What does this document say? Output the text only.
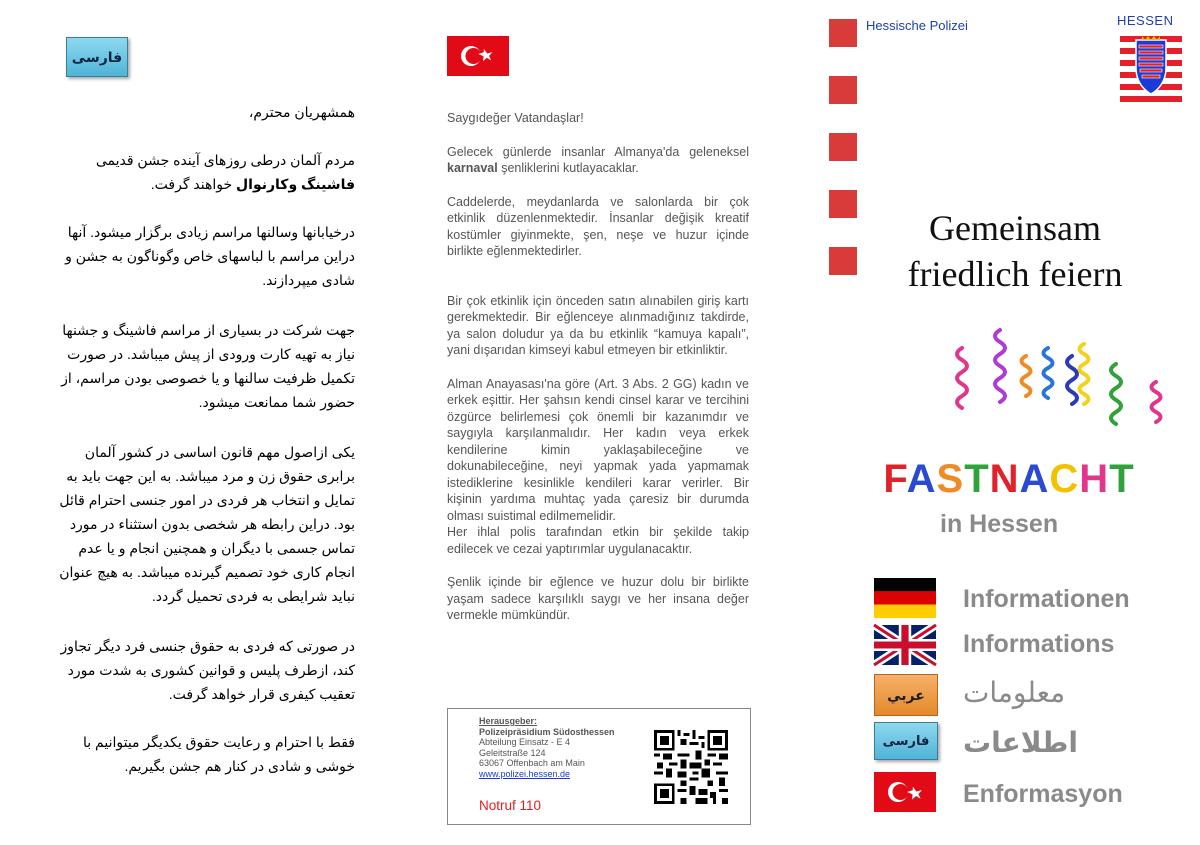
فارسی

همشهریان محترم،

مردم آلمان درطی روزهای آینده جشن قدیمی فاشینگ وکارنوال خواهند گرفت.

درخیابانها وسالنها مراسم زیادی برگزار میشود. آنها دراین مراسم با لباسهای خاص وگوناگون به جشن و شادی میپردازند.

جهت شرکت در بسیاری از مراسم فاشینگ و جشنها نیاز به تهیه کارت ورودی از پیش میباشد. در صورت تکمیل ظرفیت سالنها و یا خصوصی بودن مراسم، از حضور شما ممانعت میشود.

یکی ازاصول مهم قانون اساسی در کشور آلمان برابری حقوق زن و مرد میباشد. به این جهت باید به تمایل و انتخاب هر فردی در امور جنسی احترام قائل بود. دراین رابطه هر شخصی بدون استثناء در مورد تماس جسمی با دیگران و همچنین انجام و یا عدم انجام کاری خود تصمیم گیرنده میباشد. به هیچ عنوان نباید شرایطی به فردی تحمیل گردد.

در صورتی که فردی به حقوق جنسی فرد دیگر تجاوز کند، ازطرف پلیس و قوانین کشوری به شدت مورد تعقیب کیفری قرار خواهد گرفت.

فقط با احترام و رعایت حقوق یکدیگر میتوانیم با خوشی و شادی در کنار هم جشن بگیریم.

Saygıdeğer Vatandaşlar!

Gelecek günlerde insanlar Almanya'da geleneksel karnaval şenliklerini kutlayacaklar.

Caddelerde, meydanlarda ve salonlarda bir çok etkinlik düzenlenmektedir. İnsanlar değişik kreatif kostümler giyinmekte, şen, neşe ve huzur içinde birlikte eğlenmektedirler.

Bir çok etkinlik için önceden satın alınabilen giriş kartı gerekmektedir. Bir eğlenceye alınmadığınız takdirde, ya salon doludur ya da bu etkinlik “kamuya kapalı”, yani dışarıdan kimseyi kabul etmeyen bir etkinliktir.

Alman Anayasası'na göre (Art. 3 Abs. 2 GG) kadın ve erkek eşittir. Her şahsın kendi cinsel karar ve tercihini özgürce belirlemesi çok önemli bir kazanımdır ve saygıyla karşılanmalıdır. Her kadın veya erkek kendilerine kimin yaklaşabileceğine ve dokunabileceğine, neyi yapmak yada yapmamak istediklerine kesinlikle kendileri karar verirler. Bir kişinin yardıma muhtaç yada çaresiz bir durumda olması suistimal edilmemelidir.

Her ihlal polis tarafından etkin bir şekilde takip edilecek ve cezai yaptırımlar uygulanacaktır.

Şenlik içinde bir eğlence ve huzur dolu bir birlikte yaşam sadece karşılıklı saygı ve her insana değer vermekle mümkündür.

Herausgeber:
Polizeipräsidium Südosthessen
Abteilung Einsatz - E 4
Geleitstraße 124
63067 Offenbach am Main
www.polizei.hessen.de
Notruf 110
Hessische Polizei	HESSEN
Gemeinsam
friedlich feiern
FASTNACHT
in Hessen
Informationen
Informations
عربي	معلومات
فارسی	اطلاعات
Enformasyon
